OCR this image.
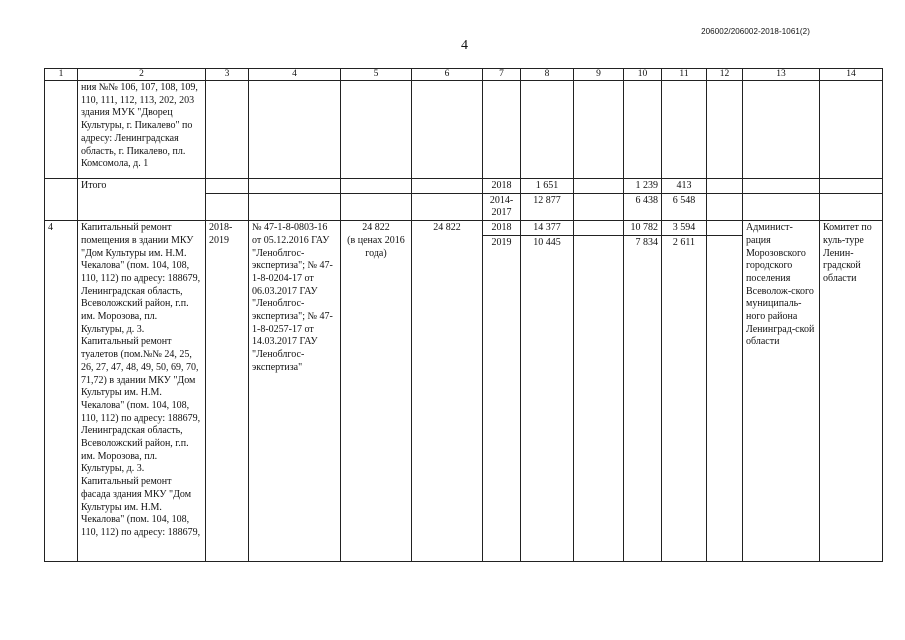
206002/206002-2018-1061(2)
4
1	2	3	4	5	6	7	8	9	10	11	12	13	14
	ния №№ 106, 107, 108, 109, 110, 111, 112, 113, 202, 203 здания МУК "Дворец Культуры, г. Пикалево" по адресу: Ленинградская область, г. Пикалево, пл. Комсомола, д. 1												
	Итого					2018	1 651		1 239	413			
						2014-2017	12 877		6 438	6 548			
4	Капитальный ремонт помещения в здании МКУ "Дом Культуры им. Н.М. Чекалова" (пом. 104, 108, 110, 112) по адресу: 188679, Ленинградская область, Всеволожский район, г.п. им. Морозова, пл. Культуры, д. 3. Капитальный ремонт туалетов (пом.№№ 24, 25, 26, 27, 47, 48, 49, 50, 69, 70, 71,72) в здании МКУ "Дом Культуры им. Н.М. Чекалова" (пом. 104, 108, 110, 112) по адресу: 188679, Ленинградская область, Всеволожский район, г.п. им. Морозова, пл. Культуры, д. 3. Капитальный ремонт фасада здания МКУ "Дом Культуры им. Н.М. Чекалова" (пом. 104, 108, 110, 112) по адресу: 188679,	2018-2019	№ 47-1-8-0803-16 от 05.12.2016 ГАУ "Леноблгос-экспертиза"; № 47-1-8-0204-17 от 06.03.2017 ГАУ "Леноблгос-экспертиза"; № 47-1-8-0257-17 от 14.03.2017 ГАУ "Леноблгос-экспертиза"	24 822
(в ценах 2016 года)	24 822	2018	14 377		10 782	3 594		Админист-рация Морозовского городского поселения Всеволож-ского муниципаль-ного района Ленинград-ской области	Комитет по куль-туре Ленин-градской области
						2019	10 445		7 834	2 611			
